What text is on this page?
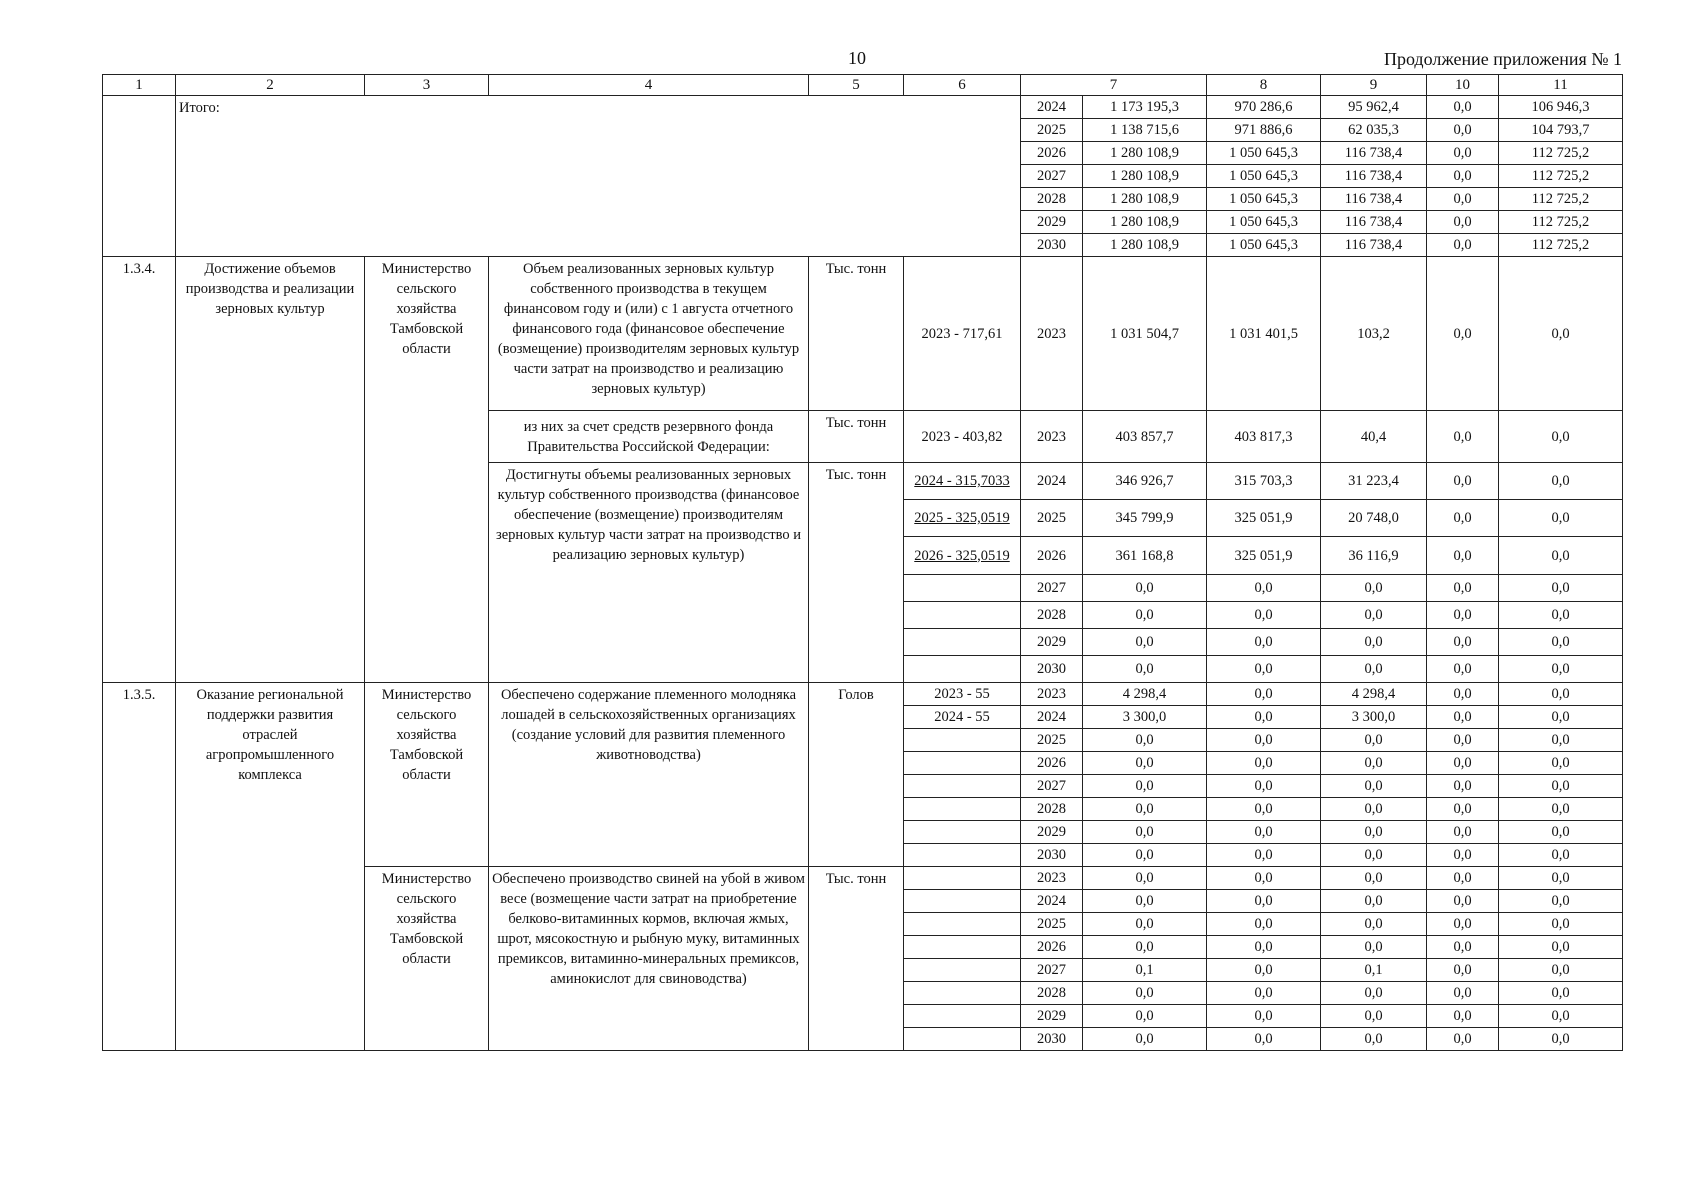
10	Продолжение приложения № 1
1	2	3	4	5	6	7		8	9	10	11
	Итого:					2024	1 173 195,3	970 286,6	95 962,4	0,0	106 946,3
						2025	1 138 715,6	971 886,6	62 035,3	0,0	104 793,7
						2026	1 280 108,9	1 050 645,3	116 738,4	0,0	112 725,2
						2027	1 280 108,9	1 050 645,3	116 738,4	0,0	112 725,2
						2028	1 280 108,9	1 050 645,3	116 738,4	0,0	112 725,2
						2029	1 280 108,9	1 050 645,3	116 738,4	0,0	112 725,2
						2030	1 280 108,9	1 050 645,3	116 738,4	0,0	112 725,2
1.3.4.	Достижение объемов производства и реализации зерновых культур	Министерство сельского хозяйства Тамбовской области	Объем реализованных зерновых культур собственного производства в текущем финансовом году и (или) с 1 августа отчетного финансового года (финансовое обеспечение (возмещение) производителям зерновых культур части затрат на производство и реализацию зерновых культур)	Тыс. тонн	2023 - 717,61	2023	1 031 504,7	1 031 401,5	103,2	0,0	0,0
			из них за счет средств резервного фонда Правительства Российской Федерации:	Тыс. тонн	2023 - 403,82	2023	403 857,7	403 817,3	40,4	0,0	0,0
			Достигнуты объемы реализованных зерновых культур собственного производства (финансовое обеспечение (возмещение) производителям зерновых культур части затрат на производство и реализацию зерновых культур)	Тыс. тонн	2024 - 315,7033	2024	346 926,7	315 703,3	31 223,4	0,0	0,0
					2025 - 325,0519	2025	345 799,9	325 051,9	20 748,0	0,0	0,0
					2026 - 325,0519	2026	361 168,8	325 051,9	36 116,9	0,0	0,0
						2027	0,0	0,0	0,0	0,0	0,0
						2028	0,0	0,0	0,0	0,0	0,0
						2029	0,0	0,0	0,0	0,0	0,0
						2030	0,0	0,0	0,0	0,0	0,0
1.3.5.	Оказание региональной поддержки развития отраслей агропромышленного комплекса	Министерство сельского хозяйства Тамбовской области	Обеспечено содержание племенного молодняка лошадей в сельскохозяйственных организациях (создание условий для развития племенного животноводства)	Голов	2023 - 55	2023	4 298,4	0,0	4 298,4	0,0	0,0
					2024 - 55	2024	3 300,0	0,0	3 300,0	0,0	0,0
						2025	0,0	0,0	0,0	0,0	0,0
						2026	0,0	0,0	0,0	0,0	0,0
						2027	0,0	0,0	0,0	0,0	0,0
						2028	0,0	0,0	0,0	0,0	0,0
						2029	0,0	0,0	0,0	0,0	0,0
						2030	0,0	0,0	0,0	0,0	0,0
		Министерство сельского хозяйства Тамбовской области	Обеспечено производство свиней на убой в живом весе (возмещение части затрат на приобретение белково-витаминных кормов, включая жмых, шрот, мясокостную и рыбную муку, витаминных премиксов, витаминно-минеральных премиксов, аминокислот для свиноводства)	Тыс. тонн		2023	0,0	0,0	0,0	0,0	0,0
						2024	0,0	0,0	0,0	0,0	0,0
						2025	0,0	0,0	0,0	0,0	0,0
						2026	0,0	0,0	0,0	0,0	0,0
						2027	0,1	0,0	0,1	0,0	0,0
						2028	0,0	0,0	0,0	0,0	0,0
						2029	0,0	0,0	0,0	0,0	0,0
						2030	0,0	0,0	0,0	0,0	0,0
